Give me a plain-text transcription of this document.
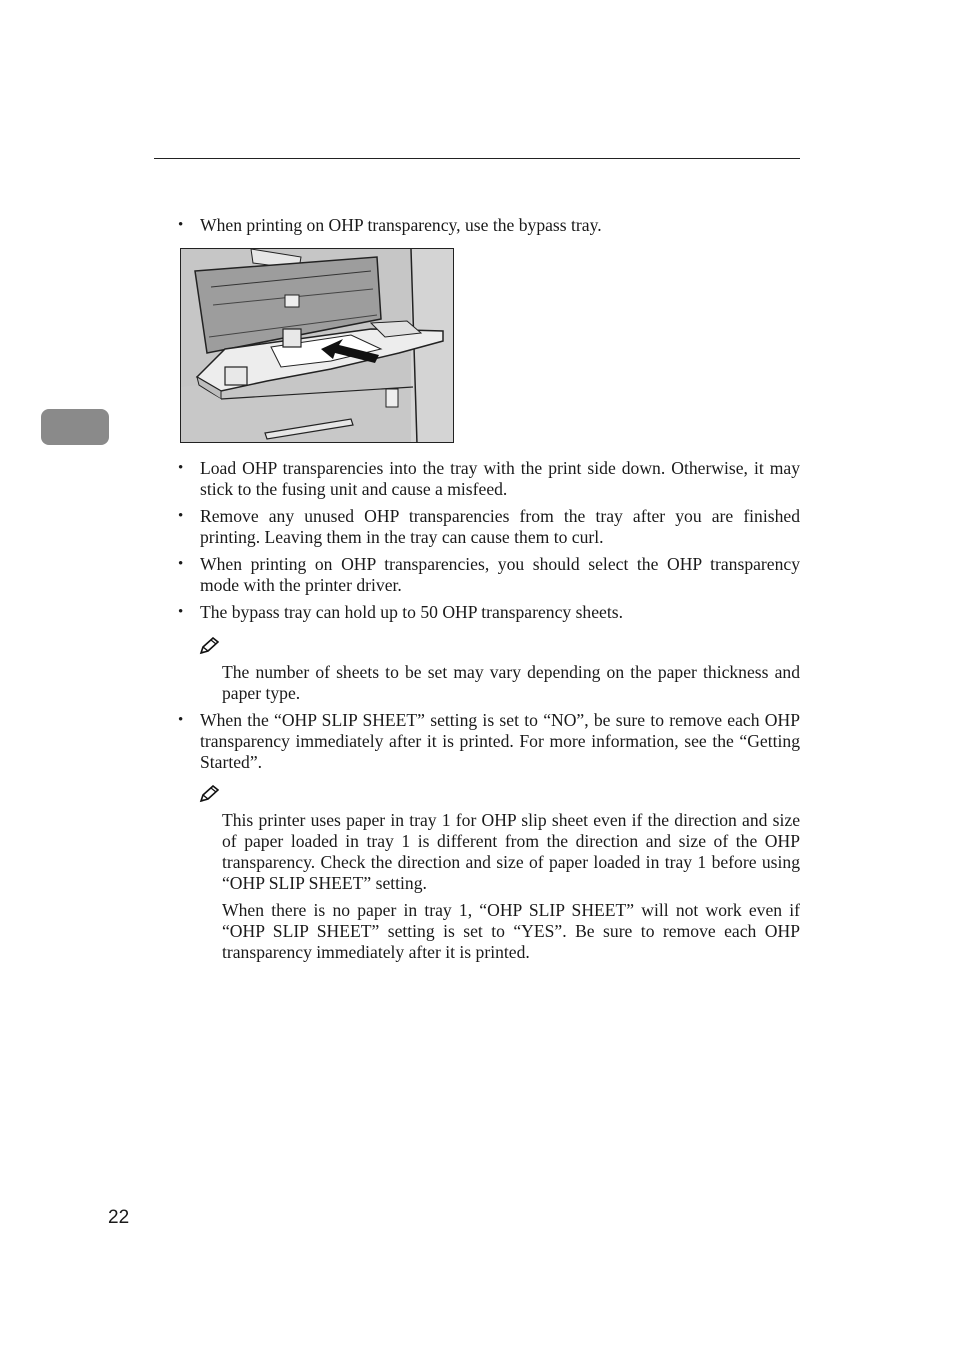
• When printing on OHP transparency, use the bypass tray.
• Load OHP transparencies into the tray with the print side down. Otherwise, it may stick to the fusing unit and cause a misfeed.
• Remove any unused OHP transparencies from the tray after you are finished printing. Leaving them in the tray can cause them to curl.
• When printing on OHP transparencies, you should select the OHP transparency mode with the printer driver.
• The bypass tray can hold up to 50 OHP transparency sheets.
The number of sheets to be set may vary depending on the paper thickness and paper type.
• When the “OHP SLIP SHEET” setting is set to “NO”, be sure to remove each OHP transparency immediately after it is printed. For more information, see the “Getting Started”.
This printer uses paper in tray 1 for OHP slip sheet even if the direction and size of paper loaded in tray 1 is different from the direction and size of the OHP transparency. Check the direction and size of paper loaded in tray 1 before using “OHP SLIP SHEET” setting.
When there is no paper in tray 1, “OHP SLIP SHEET” will not work even if “OHP SLIP SHEET” setting is set to “YES”. Be sure to remove each OHP transparency immediately after it is printed.
22
